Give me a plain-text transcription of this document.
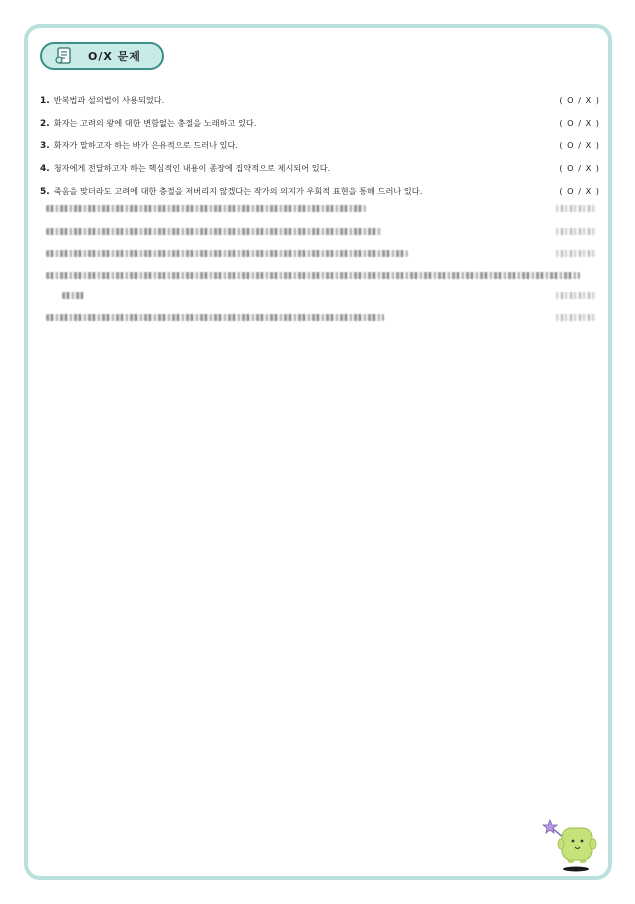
O/X 문제
1. 반복법과 설의법이 사용되었다.	( O / X )
2. 화자는 고려의 왕에 대한 변함없는 충절을 노래하고 있다.	( O / X )
3. 화자가 말하고자 하는 바가 은유적으로 드러나 있다.	( O / X )
4. 청자에게 전달하고자 하는 핵심적인 내용이 종장에 집약적으로 제시되어 있다.	( O / X )
5. 죽음을 맞더라도 고려에 대한 충절을 저버리지 않겠다는 작가의 의지가 우회적 표현을 통해 드러나 있다.	( O / X )
